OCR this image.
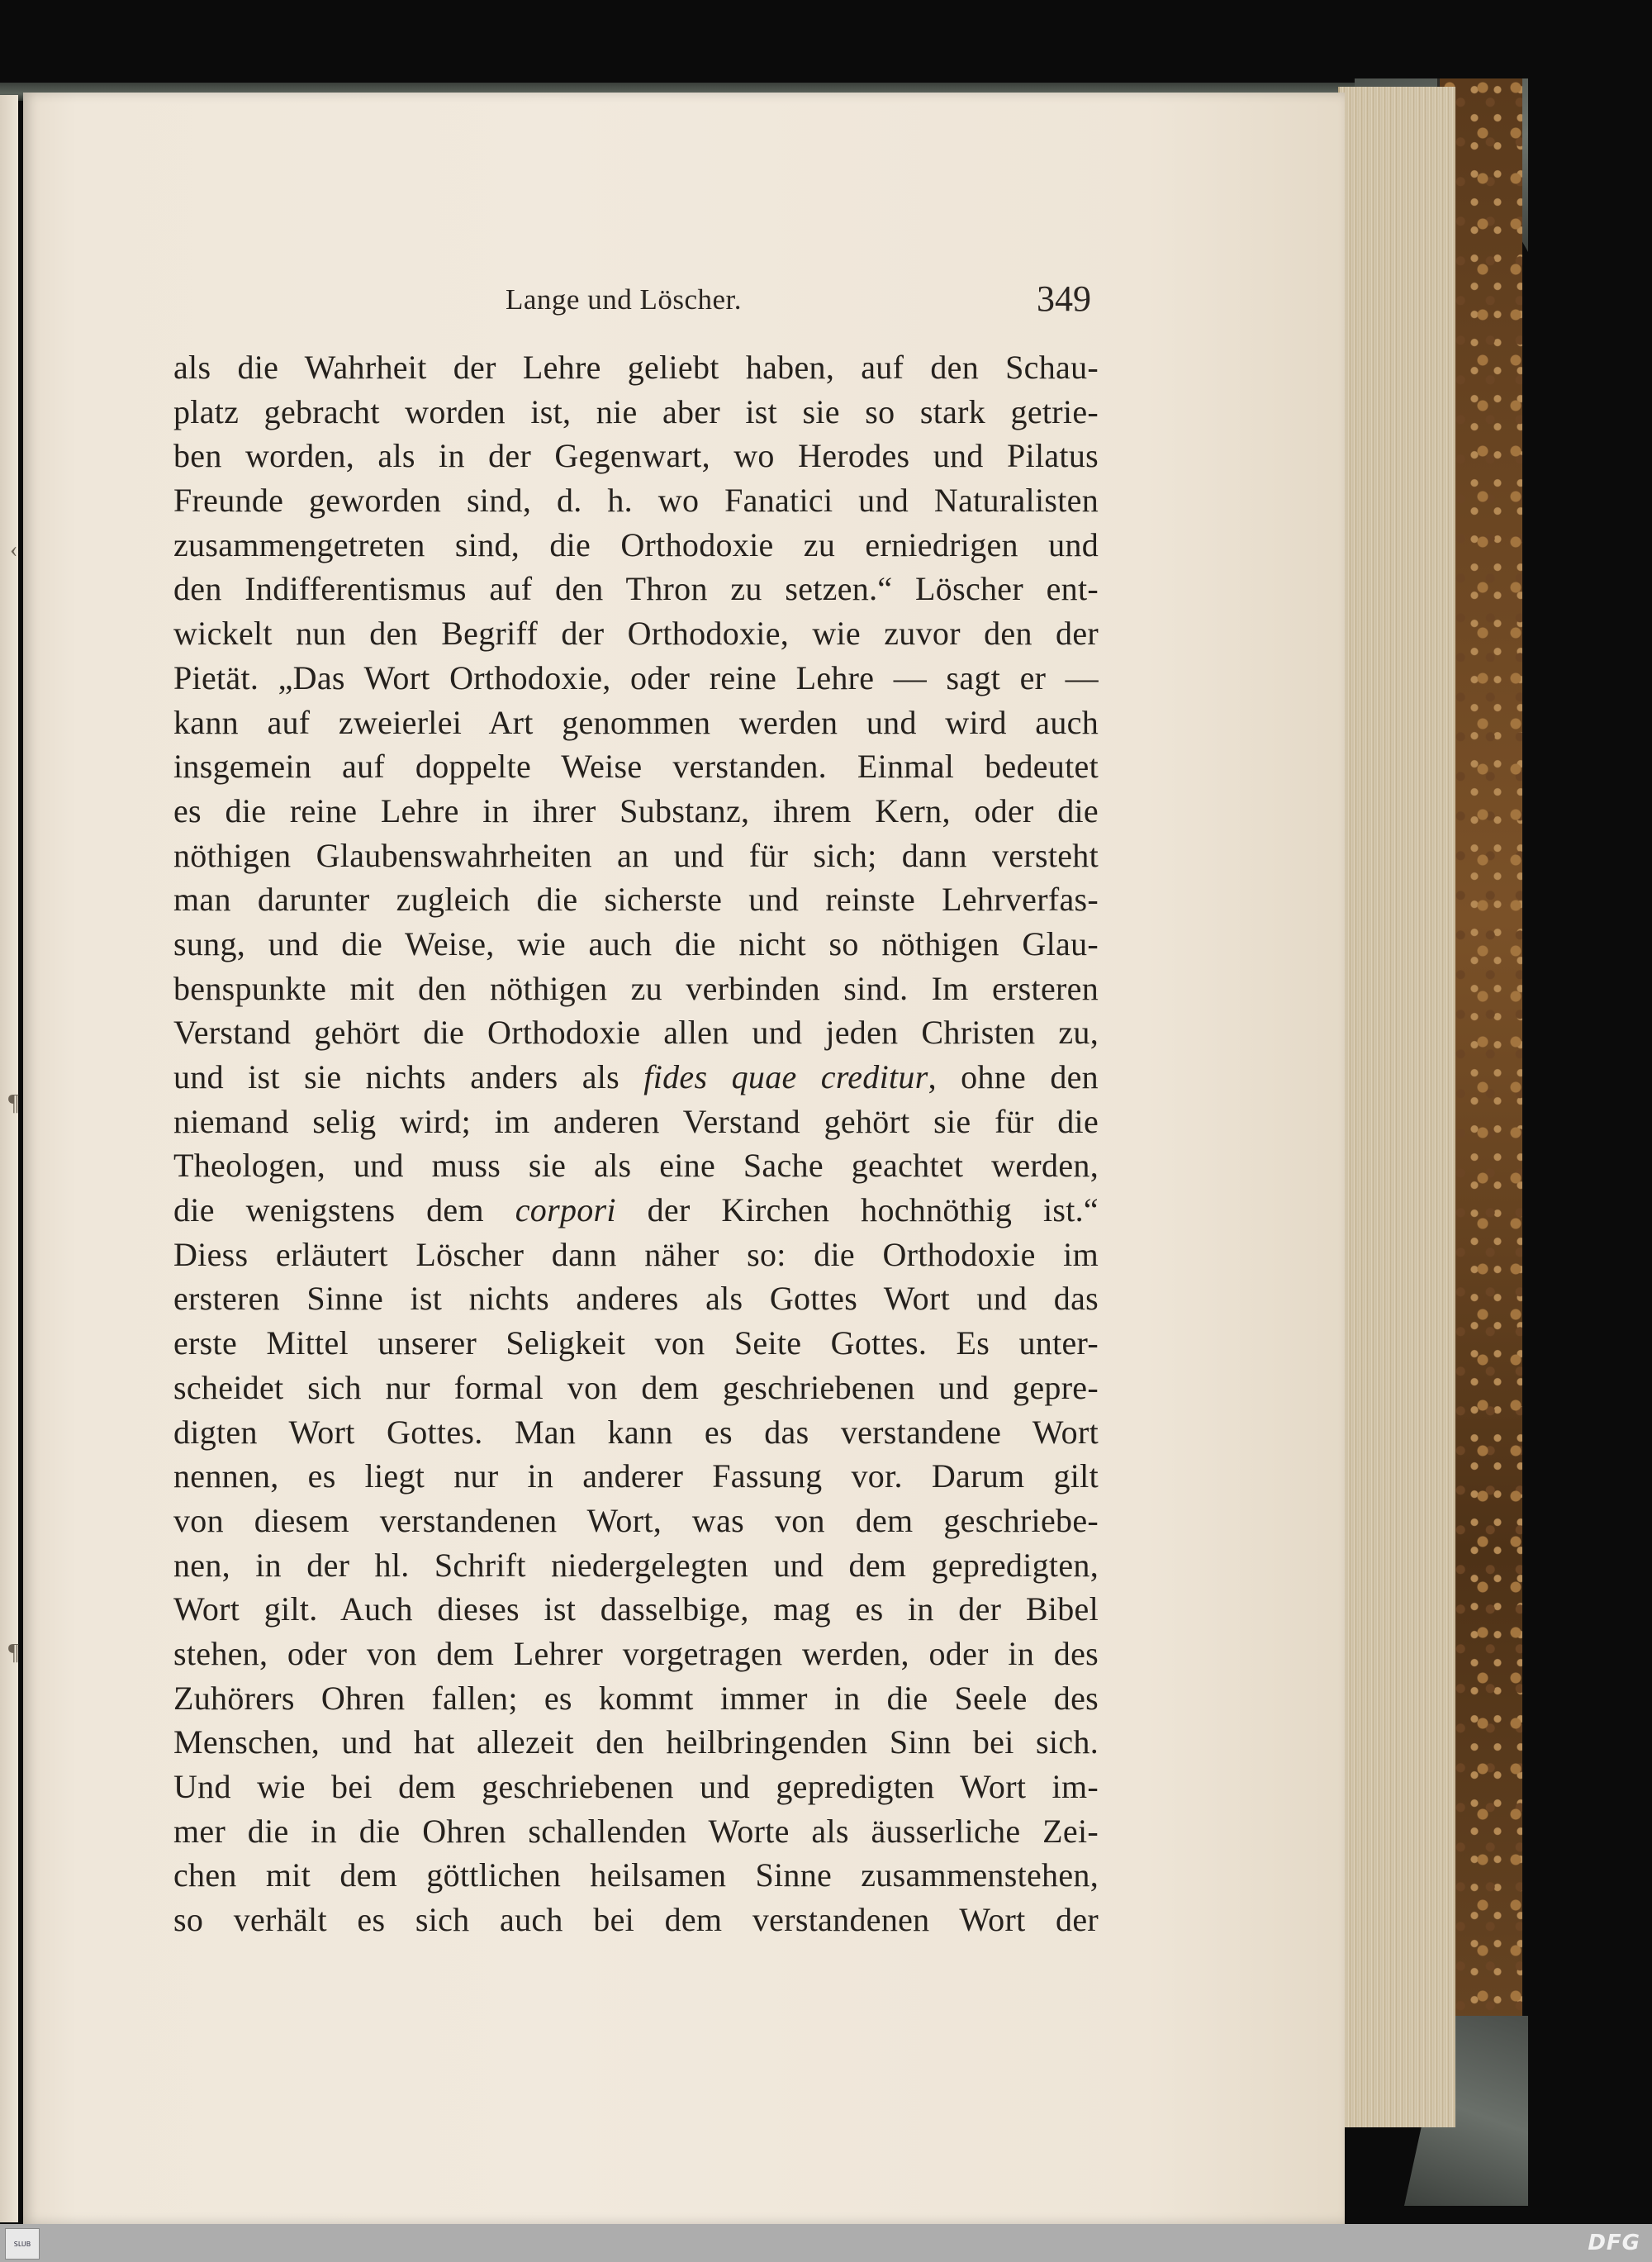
Lange und Löscher.	349
als die Wahrheit der Lehre geliebt haben, auf den Schau-
platz gebracht worden ist, nie aber ist sie so stark getrie-
ben worden, als in der Gegenwart, wo Herodes und Pilatus
Freunde geworden sind, d. h. wo Fanatici und Naturalisten
zusammengetreten sind, die Orthodoxie zu erniedrigen und
den Indifferentismus auf den Thron zu setzen.“ Löscher ent-
wickelt nun den Begriff der Orthodoxie, wie zuvor den der
Pietät. „Das Wort Orthodoxie, oder reine Lehre — sagt er —
kann auf zweierlei Art genommen werden und wird auch
insgemein auf doppelte Weise verstanden. Einmal bedeutet
es die reine Lehre in ihrer Substanz, ihrem Kern, oder die
nöthigen Glaubenswahrheiten an und für sich; dann versteht
man darunter zugleich die sicherste und reinste Lehrverfas-
sung, und die Weise, wie auch die nicht so nöthigen Glau-
benspunkte mit den nöthigen zu verbinden sind. Im ersteren
Verstand gehört die Orthodoxie allen und jeden Christen zu,
und ist sie nichts anders als fides quae creditur, ohne den
niemand selig wird; im anderen Verstand gehört sie für die
Theologen, und muss sie als eine Sache geachtet werden,
die wenigstens dem corpori der Kirchen hochnöthig ist.“
Diess erläutert Löscher dann näher so: die Orthodoxie im
ersteren Sinne ist nichts anderes als Gottes Wort und das
erste Mittel unserer Seligkeit von Seite Gottes. Es unter-
scheidet sich nur formal von dem geschriebenen und gepre-
digten Wort Gottes. Man kann es das verstandene Wort
nennen, es liegt nur in anderer Fassung vor. Darum gilt
von diesem verstandenen Wort, was von dem geschriebe-
nen, in der hl. Schrift niedergelegten und dem gepredigten,
Wort gilt. Auch dieses ist dasselbige, mag es in der Bibel
stehen, oder von dem Lehrer vorgetragen werden, oder in des
Zuhörers Ohren fallen; es kommt immer in die Seele des
Menschen, und hat allezeit den heilbringenden Sinn bei sich.
Und wie bei dem geschriebenen und gepredigten Wort im-
mer die in die Ohren schallenden Worte als äusserliche Zei-
chen mit dem göttlichen heilsamen Sinne zusammenstehen,
so verhält es sich auch bei dem verstandenen Wort der
‹
¶
¶
SLUB	DFG
